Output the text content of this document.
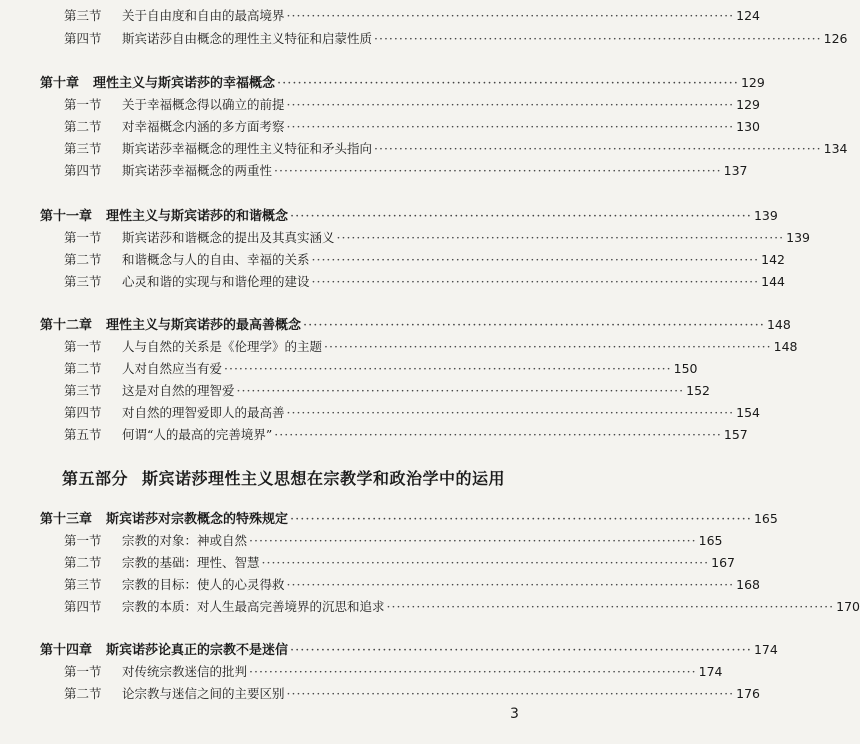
第三节 关于自由度和自由的最高境界 ·························································································· 124
第四节 斯宾诺莎自由概念的理性主义特征和启蒙性质 ·························································································· 126
第十章 理性主义与斯宾诺莎的幸福概念 ·························································································· 129
第一节 关于幸福概念得以确立的前提 ·························································································· 129
第二节 对幸福概念内涵的多方面考察 ·························································································· 130
第三节 斯宾诺莎幸福概念的理性主义特征和矛头指向 ·························································································· 134
第四节 斯宾诺莎幸福概念的两重性 ·························································································· 137
第十一章 理性主义与斯宾诺莎的和谐概念 ·························································································· 139
第一节 斯宾诺莎和谐概念的提出及其真实涵义 ·························································································· 139
第二节 和谐概念与人的自由、幸福的关系 ·························································································· 142
第三节 心灵和谐的实现与和谐伦理的建设 ·························································································· 144
第十二章 理性主义与斯宾诺莎的最高善概念 ·························································································· 148
第一节 人与自然的关系是《伦理学》的主题 ·························································································· 148
第二节 人对自然应当有爱 ·························································································· 150
第三节 这是对自然的理智爱 ·························································································· 152
第四节 对自然的理智爱即人的最高善 ·························································································· 154
第五节 何谓“人的最高的完善境界” ·························································································· 157
第五部分 斯宾诺莎理性主义思想在宗教学和政治学中的运用
第十三章 斯宾诺莎对宗教概念的特殊规定 ·························································································· 165
第一节 宗教的对象：神或自然 ·························································································· 165
第二节 宗教的基础：理性、智慧 ·························································································· 167
第三节 宗教的目标：使人的心灵得救 ·························································································· 168
第四节 宗教的本质：对人生最高完善境界的沉思和追求 ·························································································· 170
第十四章 斯宾诺莎论真正的宗教不是迷信 ·························································································· 174
第一节 对传统宗教迷信的批判 ·························································································· 174
第二节 论宗教与迷信之间的主要区别 ·························································································· 176
3
